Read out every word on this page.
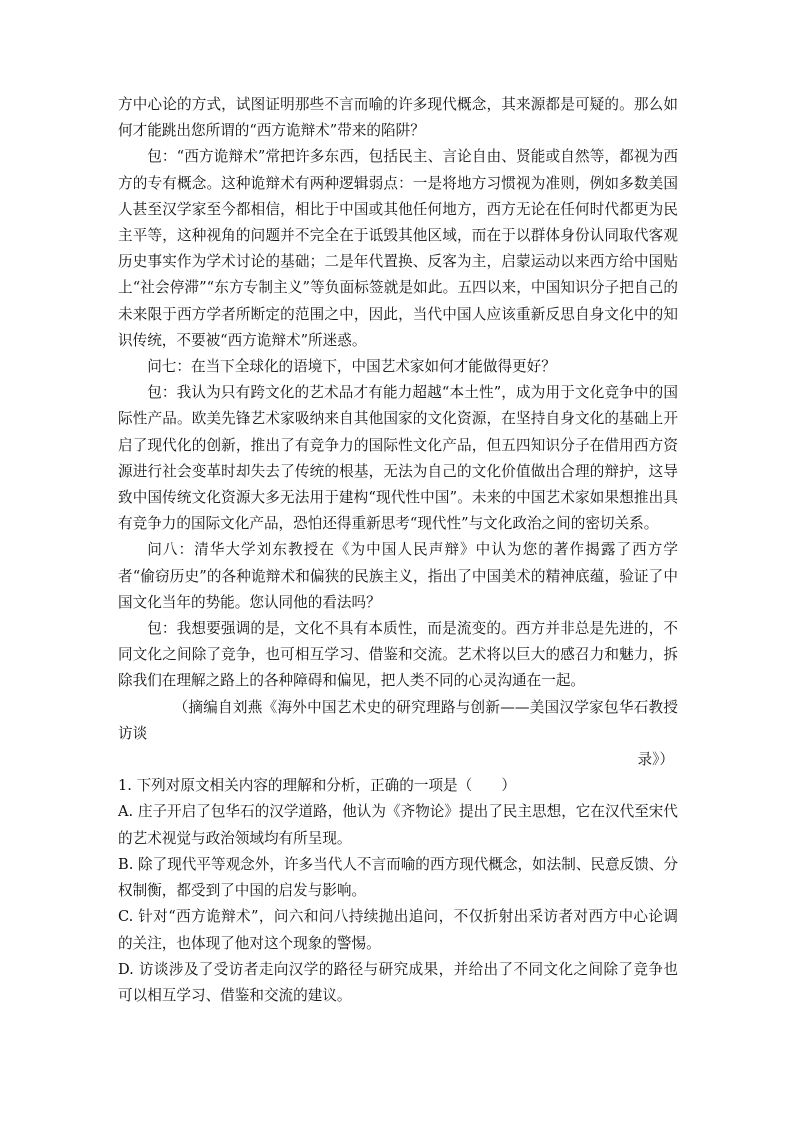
方中心论的方式，试图证明那些不言而喻的许多现代概念，其来源都是可疑的。那么如何才能跳出您所谓的“西方诡辩术”带来的陷阱？

包：“西方诡辩术”常把许多东西，包括民主、言论自由、贤能或自然等，都视为西方的专有概念。这种诡辩术有两种逻辑弱点：一是将地方习惯视为准则，例如多数美国人甚至汉学家至今都相信，相比于中国或其他任何地方，西方无论在任何时代都更为民主平等，这种视角的问题并不完全在于诋毁其他区域，而在于以群体身份认同取代客观历史事实作为学术讨论的基础；二是年代置换、反客为主，启蒙运动以来西方给中国贴上“社会停滞”“东方专制主义”等负面标签就是如此。五四以来，中国知识分子把自己的未来限于西方学者所断定的范围之中，因此，当代中国人应该重新反思自身文化中的知识传统，不要被“西方诡辩术”所迷惑。

问七：在当下全球化的语境下，中国艺术家如何才能做得更好？

包：我认为只有跨文化的艺术品才有能力超越“本土性”，成为用于文化竞争中的国际性产品。欧美先锋艺术家吸纳来自其他国家的文化资源，在坚持自身文化的基础上开启了现代化的创新，推出了有竞争力的国际性文化产品，但五四知识分子在借用西方资源进行社会变革时却失去了传统的根基，无法为自己的文化价值做出合理的辩护，这导致中国传统文化资源大多无法用于建构“现代性中国”。未来的中国艺术家如果想推出具有竞争力的国际文化产品，恐怕还得重新思考“现代性”与文化政治之间的密切关系。

问八：清华大学刘东教授在《为中国人民声辩》中认为您的著作揭露了西方学者“偷窃历史”的各种诡辩术和偏狭的民族主义，指出了中国美术的精神底蕴，验证了中国文化当年的势能。您认同他的看法吗？

包：我想要强调的是，文化不具有本质性，而是流变的。西方并非总是先进的，不同文化之间除了竞争，也可相互学习、借鉴和交流。艺术将以巨大的感召力和魅力，拆除我们在理解之路上的各种障碍和偏见，把人类不同的心灵沟通在一起。

（摘编自刘燕《海外中国艺术史的研究理路与创新——美国汉学家包华石教授访谈

录》）

1. 下列对原文相关内容的理解和分析，正确的一项是（　　）

A. 庄子开启了包华石的汉学道路，他认为《齐物论》提出了民主思想，它在汉代至宋代的艺术视觉与政治领域均有所呈现。

B. 除了现代平等观念外，许多当代人不言而喻的西方现代概念，如法制、民意反馈、分权制衡，都受到了中国的启发与影响。

C. 针对“西方诡辩术”，问六和问八持续抛出追问，不仅折射出采访者对西方中心论调的关注，也体现了他对这个现象的警惕。

D. 访谈涉及了受访者走向汉学的路径与研究成果，并给出了不同文化之间除了竞争也可以相互学习、借鉴和交流的建议。
